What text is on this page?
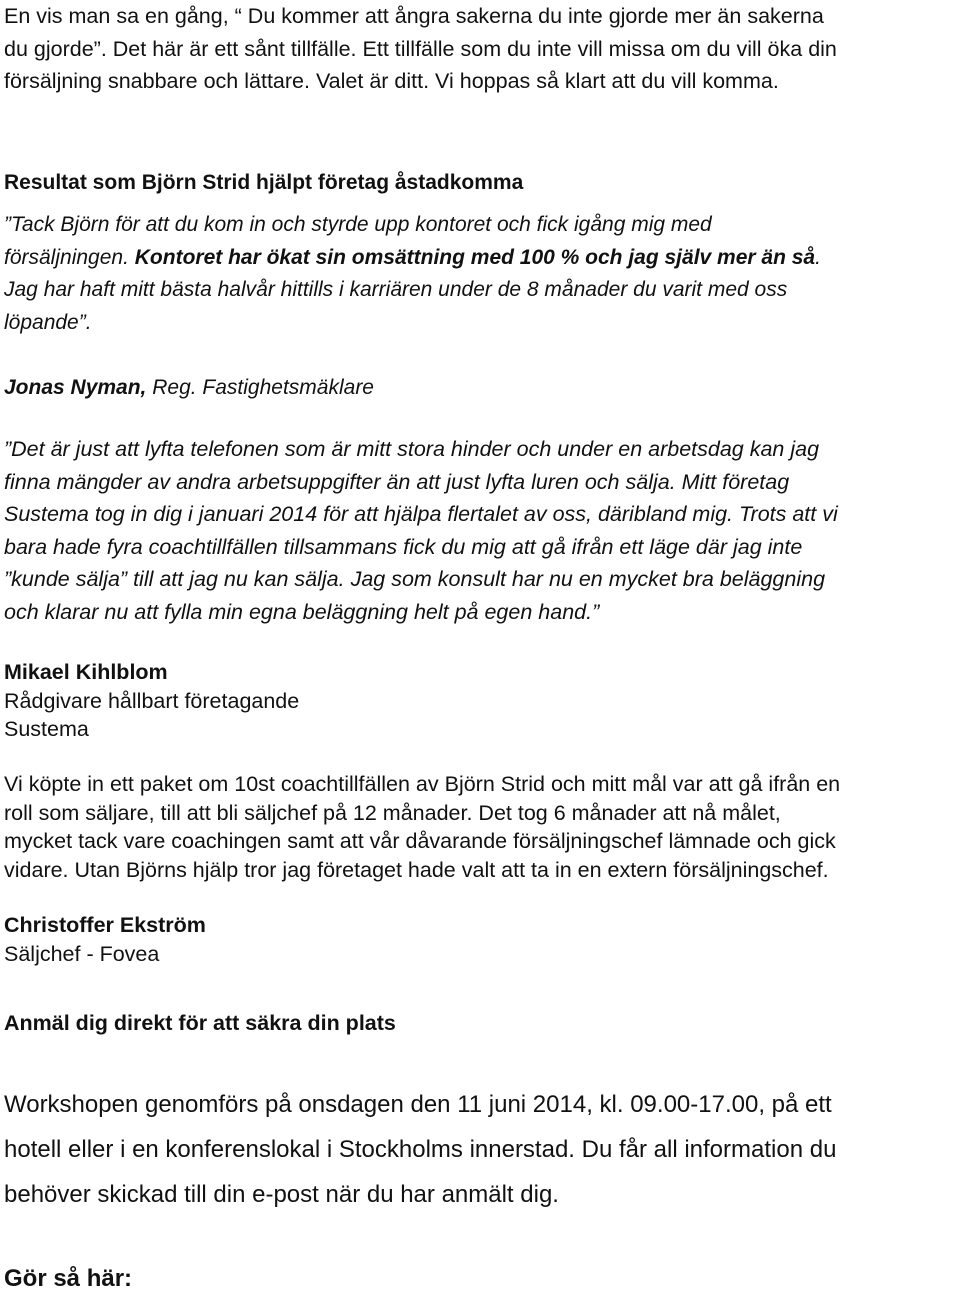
En vis man sa en gång, “ Du kommer att ångra sakerna du inte gjorde mer än sakerna
du gjorde”. Det här är ett sånt tillfälle. Ett tillfälle som du inte vill missa om du vill öka din
försäljning snabbare och lättare. Valet är ditt. Vi hoppas så klart att du vill komma.

Resultat som Björn Strid hjälpt företag åstadkomma

”Tack Björn för att du kom in och styrde upp kontoret och fick igång mig med
försäljningen. Kontoret har ökat sin omsättning med 100 % och jag själv mer än så.
Jag har haft mitt bästa halvår hittills i karriären under de 8 månader du varit med oss
löpande”.

Jonas Nyman, Reg. Fastighetsmäklare

”Det är just att lyfta telefonen som är mitt stora hinder och under en arbetsdag kan jag
finna mängder av andra arbetsuppgifter än att just lyfta luren och sälja. Mitt företag
Sustema tog in dig i januari 2014 för att hjälpa flertalet av oss, däribland mig. Trots att vi
bara hade fyra coachtillfällen tillsammans fick du mig att gå ifrån ett läge där jag inte
”kunde sälja” till att jag nu kan sälja. Jag som konsult har nu en mycket bra beläggning
och klarar nu att fylla min egna beläggning helt på egen hand.”

Mikael Kihlblom
Rådgivare hållbart företagande
Sustema

Vi köpte in ett paket om 10st coachtillfällen av Björn Strid och mitt mål var att gå ifrån en
roll som säljare, till att bli säljchef på 12 månader. Det tog 6 månader att nå målet,
mycket tack vare coachingen samt att vår dåvarande försäljningschef lämnade och gick
vidare. Utan Björns hjälp tror jag företaget hade valt att ta in en extern försäljningschef.

Christoffer Ekström
Säljchef - Fovea

Anmäl dig direkt för att säkra din plats

Workshopen genomförs på onsdagen den 11 juni 2014, kl. 09.00-17.00, på ett
hotell eller i en konferenslokal i Stockholms innerstad. Du får all information du
behöver skickad till din e-post när du har anmält dig.

Gör så här:
